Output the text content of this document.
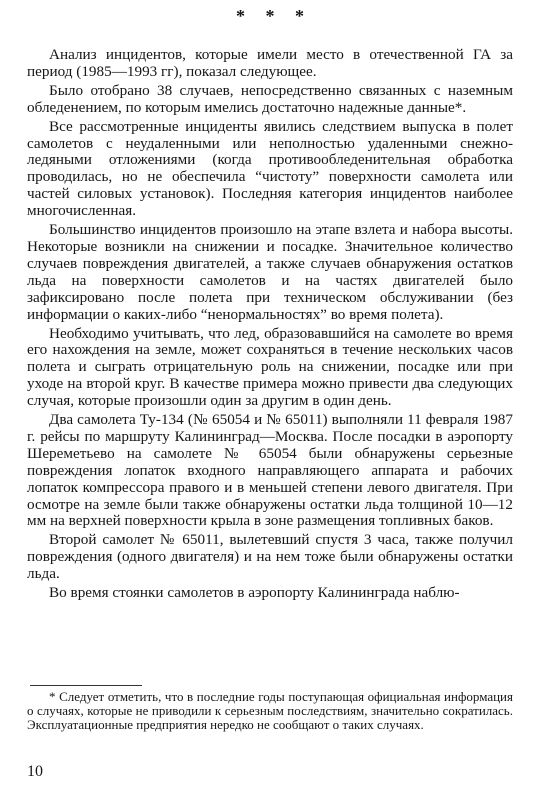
* * *

Анализ инцидентов, которые имели место в отечественной ГА за период (1985—1993 гг), показал следующее.

Было отобрано 38 случаев, непосредственно связанных с наземным обледенением, по которым имелись достаточно надежные данные*.

Все рассмотренные инциденты явились следствием выпуска в полет самолетов с неудаленными или неполностью удаленными снежно-ледяными отложениями (когда противообледенительная обработка проводилась, но не обеспечила “чистоту” поверхности самолета или частей силовых установок). Последняя категория инцидентов наиболее многочисленная.

Большинство инцидентов произошло на этапе взлета и набора высоты. Некоторые возникли на снижении и посадке. Значительное количество случаев повреждения двигателей, а также случаев обнаружения остатков льда на поверхности самолетов и на частях двигателей было зафиксировано после полета при техническом обслуживании (без информации о каких-либо “ненормальностях” во время полета).

Необходимо учитывать, что лед, образовавшийся на самолете во время его нахождения на земле, может сохраняться в течение нескольких часов полета и сыграть отрицательную роль на снижении, посадке или при уходе на второй круг. В качестве примера можно привести два следующих случая, которые произошли один за другим в один день.

Два самолета Ту-134 (№ 65054 и № 65011) выполняли 11 февраля 1987 г. рейсы по маршруту Калининград—Москва. После посадки в аэропорту Шереметьево на самолете № 65054 были обнаружены серьезные повреждения лопаток входного направляющего аппарата и рабочих лопаток компрессора правого и в меньшей степени левого двигателя. При осмотре на земле были также обнаружены остатки льда толщиной 10—12 мм на верхней поверхности крыла в зоне размещения топливных баков.

Второй самолет № 65011, вылетевший спустя 3 часа, также получил повреждения (одного двигателя) и на нем тоже были обнаружены остатки льда.

Во время стоянки самолетов в аэропорту Калининграда наблю-

* Следует отметить, что в последние годы поступающая официальная информация о случаях, которые не приводили к серьезным последствиям, значительно сократилась. Эксплуатационные предприятия нередко не сообщают о таких случаях.

10
